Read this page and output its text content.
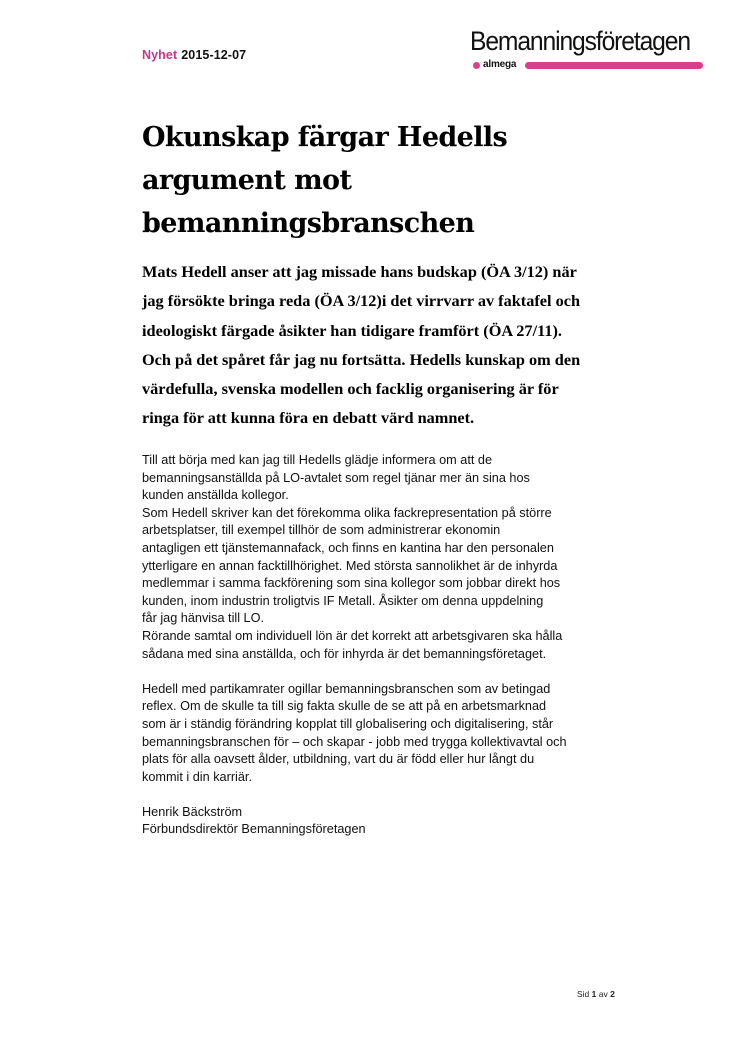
Nyhet 2015-12-07	Bemanningsföretagen
almega
Okunskap färgar Hedells
argument mot
bemanningsbranschen
Mats Hedell anser att jag missade hans budskap (ÖA 3/12) när
jag försökte bringa reda (ÖA 3/12)i det virrvarr av faktafel och
ideologiskt färgade åsikter han tidigare framfört (ÖA 27/11).
Och på det spåret får jag nu fortsätta. Hedells kunskap om den
värdefulla, svenska modellen och facklig organisering är för
ringa för att kunna föra en debatt värd namnet.

Till att börja med kan jag till Hedells glädje informera om att de

bemanningsanställda på LO-avtalet som regel tjänar mer än sina hos

kunden anställda kollegor.

Som Hedell skriver kan det förekomma olika fackrepresentation på större

arbetsplatser, till exempel tillhör de som administrerar ekonomin

antagligen ett tjänstemannafack, och finns en kantina har den personalen

ytterligare en annan facktillhörighet. Med största sannolikhet är de inhyrda

medlemmar i samma fackförening som sina kollegor som jobbar direkt hos

kunden, inom industrin troligtvis IF Metall. Åsikter om denna uppdelning

får jag hänvisa till LO.

Rörande samtal om individuell lön är det korrekt att arbetsgivaren ska hålla

sådana med sina anställda, och för inhyrda är det bemanningsföretaget.

Hedell med partikamrater ogillar bemanningsbranschen som av betingad

reflex. Om de skulle ta till sig fakta skulle de se att på en arbetsmarknad

som är i ständig förändring kopplat till globalisering och digitalisering, står

bemanningsbranschen för – och skapar - jobb med trygga kollektivavtal och

plats för alla oavsett ålder, utbildning, vart du är född eller hur långt du

kommit i din karriär.

Henrik Bäckström

Förbundsdirektör Bemanningsföretagen

Sid 1 av 2
